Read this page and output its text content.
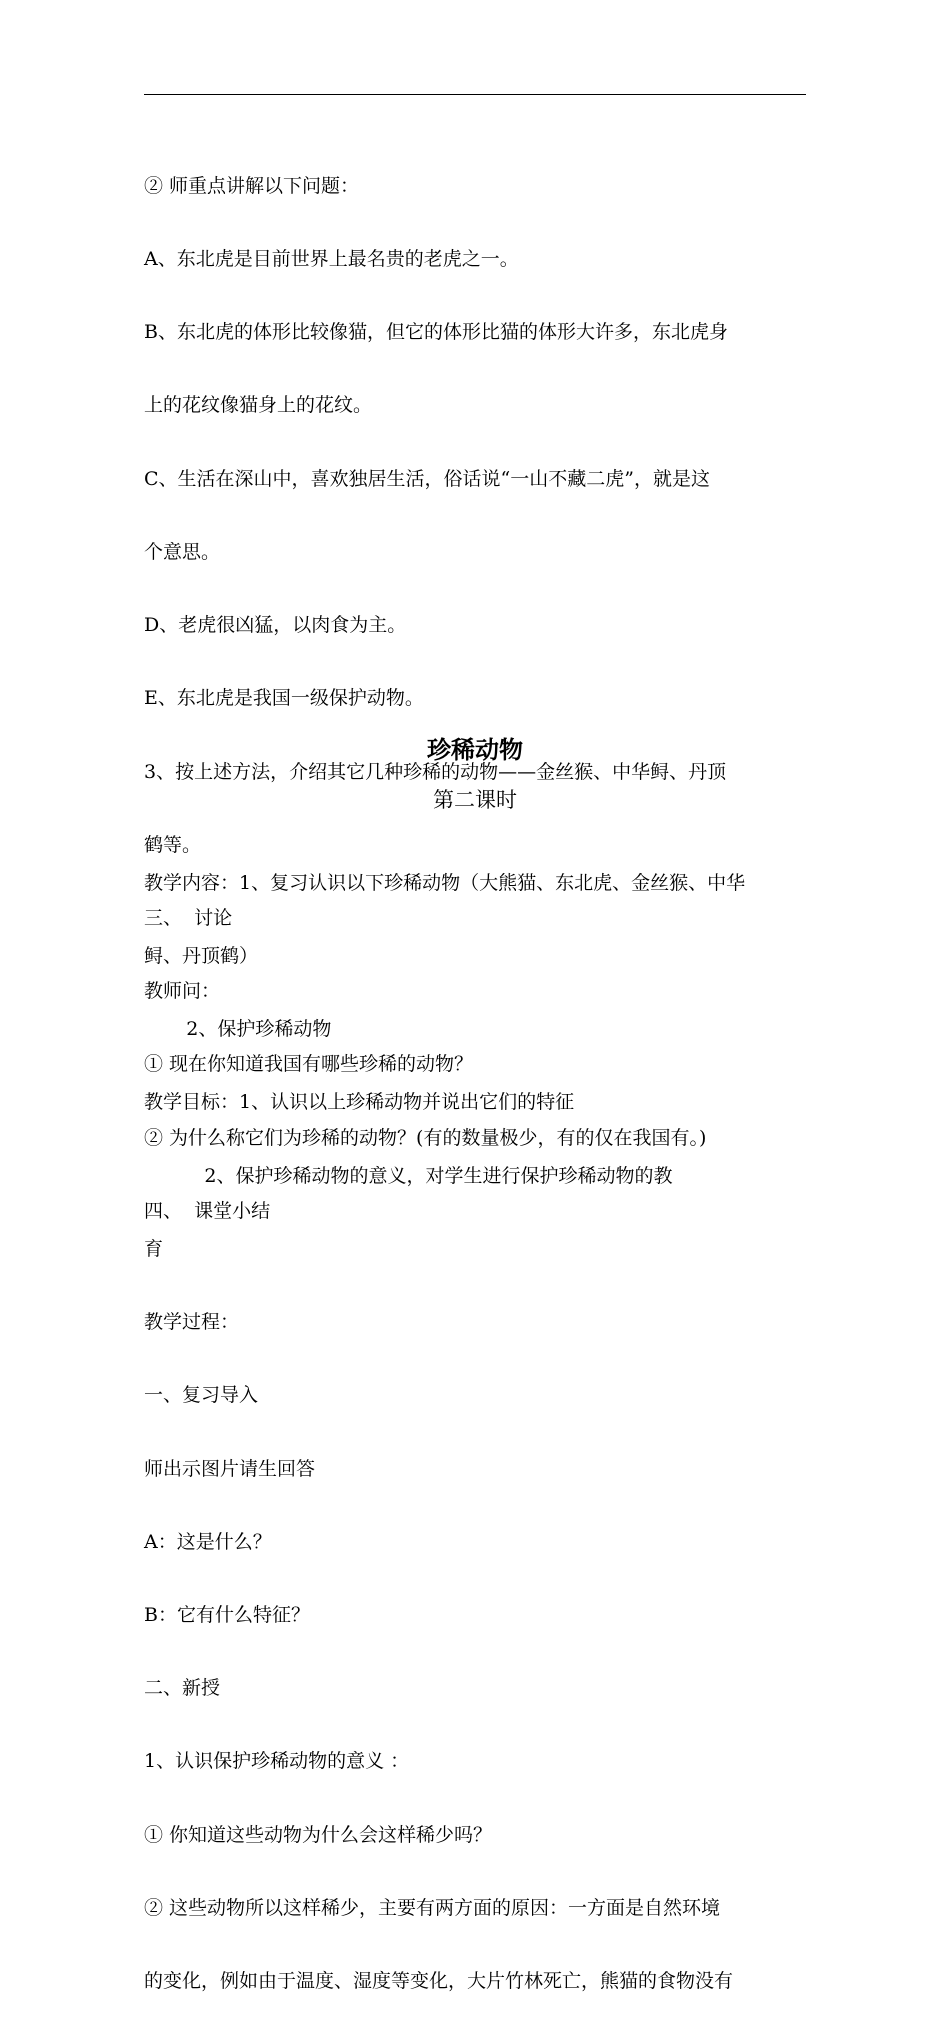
② 师重点讲解以下问题：

A、东北虎是目前世界上最名贵的老虎之一。

B、东北虎的体形比较像猫，但它的体形比猫的体形大许多，东北虎身

上的花纹像猫身上的花纹。

C、生活在深山中，喜欢独居生活，俗话说“一山不藏二虎”，就是这

个意思。

D、老虎很凶猛，以肉食为主。

E、东北虎是我国一级保护动物。

3、按上述方法，介绍其它几种珍稀的动物——金丝猴、中华鲟、丹顶

鹤等。

三、  讨论

教师问：

① 现在你知道我国有哪些珍稀的动物？

② 为什么称它们为珍稀的动物？(有的数量极少，有的仅在我国有。)

四、  课堂小结

珍稀动物
第二课时

教学内容：1、复习认识以下珍稀动物（大熊猫、东北虎、金丝猴、中华

鲟、丹顶鹤）

2、保护珍稀动物

教学目标：1、认识以上珍稀动物并说出它们的特征

2、保护珍稀动物的意义，对学生进行保护珍稀动物的教

育

教学过程：

一、复习导入

师出示图片请生回答

A：这是什么？

B：它有什么特征？

二、新授

1、认识保护珍稀动物的意义 ：

① 你知道这些动物为什么会这样稀少吗？

② 这些动物所以这样稀少，主要有两方面的原因：一方面是自然环境

的变化，例如由于温度、湿度等变化，大片竹林死亡，熊猫的食物没有
